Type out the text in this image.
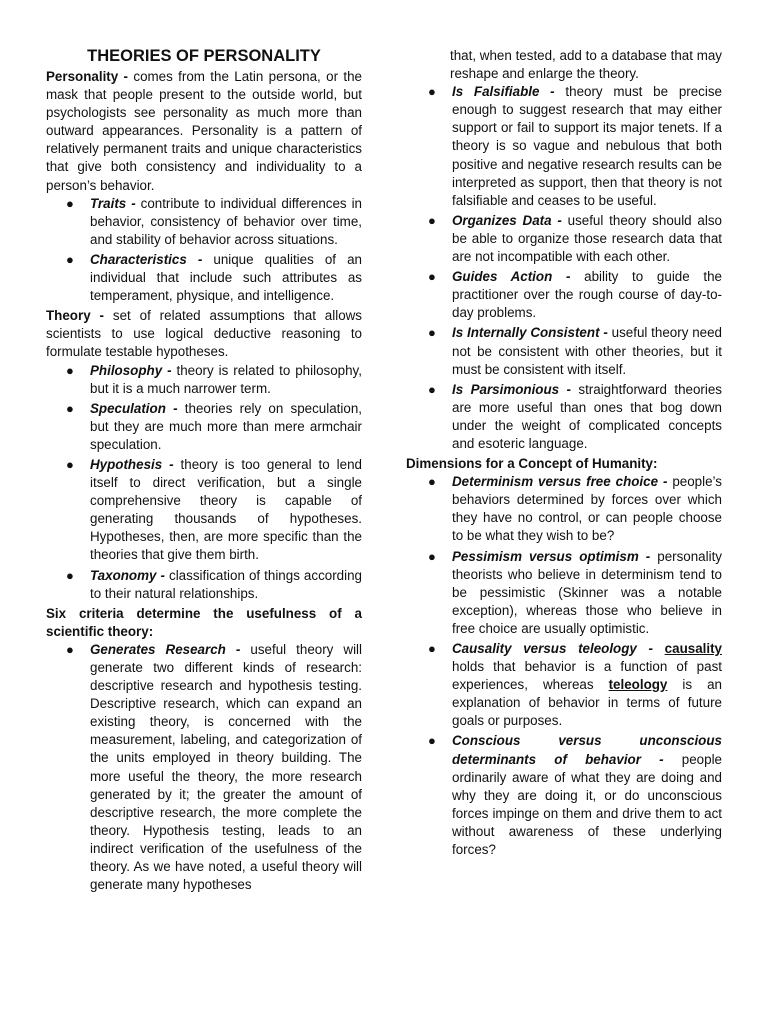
THEORIES OF PERSONALITY

Personality - comes from the Latin persona, or the mask that people present to the outside world, but psychologists see personality as much more than outward appearances. Personality is a pattern of relatively permanent traits and unique characteristics that give both consistency and individuality to a person’s behavior.

● Traits - contribute to individual differences in behavior, consistency of behavior over time, and stability of behavior across situations.
● Characteristics - unique qualities of an individual that include such attributes as temperament, physique, and intelligence.

Theory - set of related assumptions that allows scientists to use logical deductive reasoning to formulate testable hypotheses.

● Philosophy - theory is related to philosophy, but it is a much narrower term.
● Speculation - theories rely on speculation, but they are much more than mere armchair speculation.
● Hypothesis - theory is too general to lend itself to direct verification, but a single comprehensive theory is capable of generating thousands of hypotheses. Hypotheses, then, are more specific than the theories that give them birth.
● Taxonomy - classification of things according to their natural relationships.

Six criteria determine the usefulness of a scientific theory:

● Generates Research - useful theory will generate two different kinds of research: descriptive research and hypothesis testing. Descriptive research, which can expand an existing theory, is concerned with the measurement, labeling, and categorization of the units employed in theory building. The more useful the theory, the more research generated by it; the greater the amount of descriptive research, the more complete the theory. Hypothesis testing, leads to an indirect verification of the usefulness of the theory. As we have noted, a useful theory will generate many hypotheses

that, when tested, add to a database that may reshape and enlarge the theory.

● Is Falsifiable - theory must be precise enough to suggest research that may either support or fail to support its major tenets. If a theory is so vague and nebulous that both positive and negative research results can be interpreted as support, then that theory is not falsifiable and ceases to be useful.
● Organizes Data - useful theory should also be able to organize those research data that are not incompatible with each other.
● Guides Action - ability to guide the practitioner over the rough course of day-to-day problems.
● Is Internally Consistent - useful theory need not be consistent with other theories, but it must be consistent with itself.
● Is Parsimonious - straightforward theories are more useful than ones that bog down under the weight of complicated concepts and esoteric language.

Dimensions for a Concept of Humanity:

● Determinism versus free choice - people’s behaviors determined by forces over which they have no control, or can people choose to be what they wish to be?
● Pessimism versus optimism - personality theorists who believe in determinism tend to be pessimistic (Skinner was a notable exception), whereas those who believe in free choice are usually optimistic.
● Causality versus teleology - causality holds that behavior is a function of past experiences, whereas teleology is an explanation of behavior in terms of future goals or purposes.
● Conscious versus unconscious determinants of behavior - people ordinarily aware of what they are doing and why they are doing it, or do unconscious forces impinge on them and drive them to act without awareness of these underlying forces?
